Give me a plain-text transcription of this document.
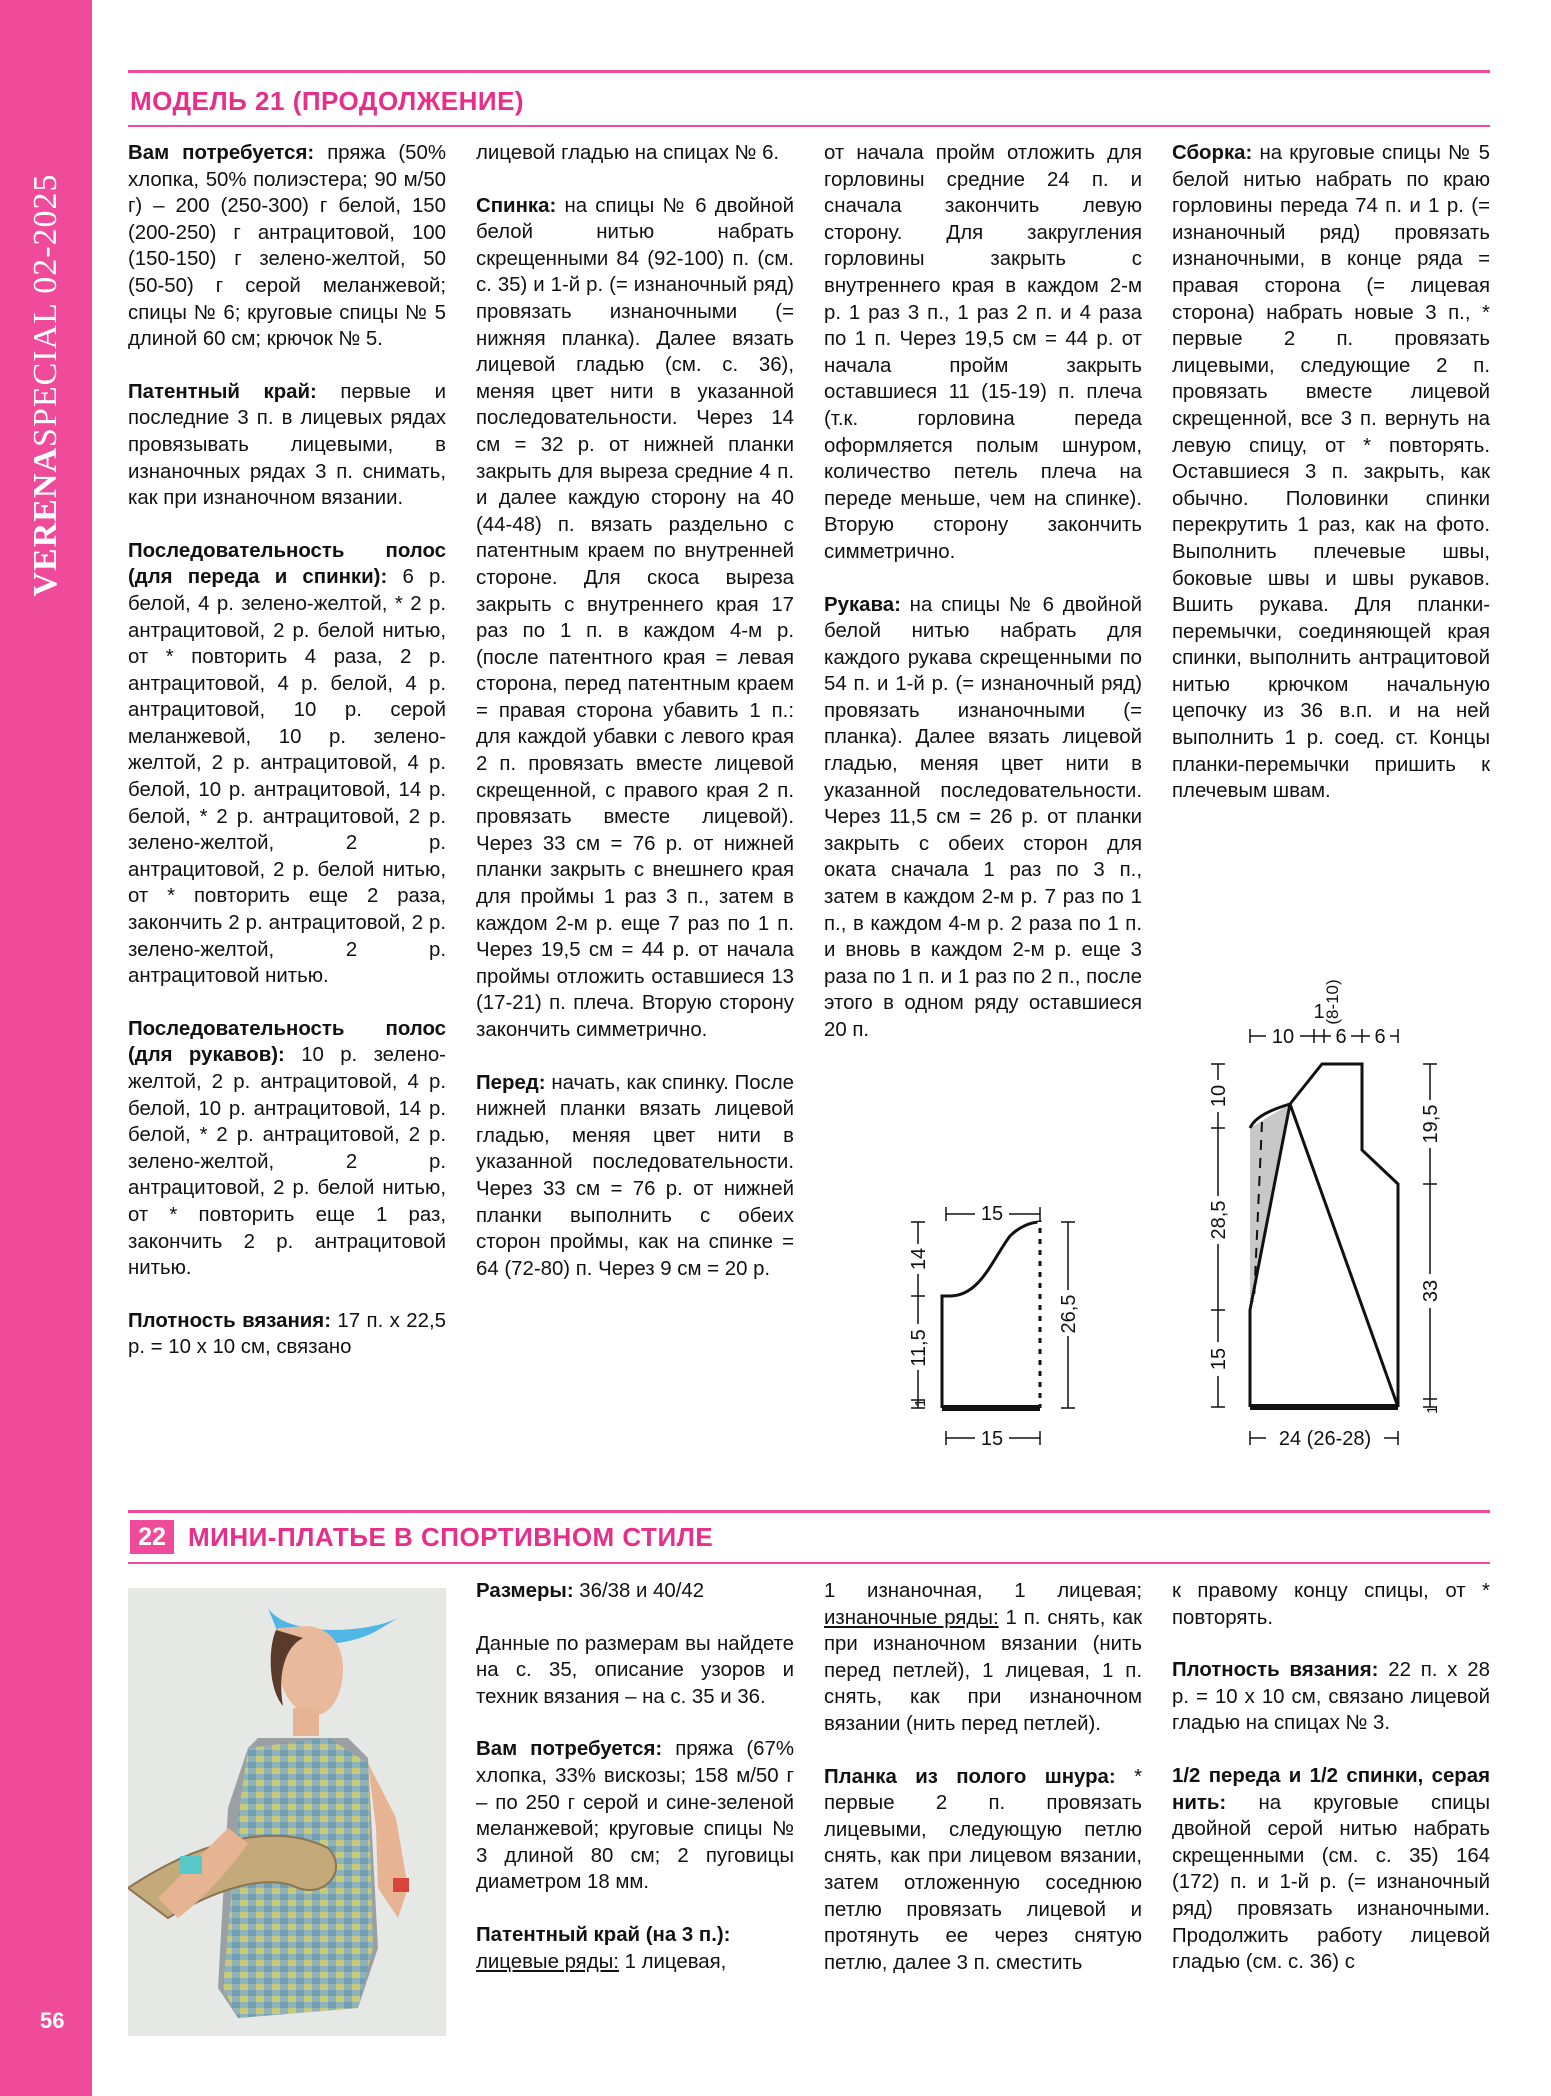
VERENASPECIAL 02-2025
56
МОДЕЛЬ 21 (ПРОДОЛЖЕНИЕ)

Вам потребуется: пряжа (50% хлопка, 50% полиэстера; 90 м/50 г) – 200 (250-300) г белой, 150 (200-250) г антрацитовой, 100 (150-150) г зелено-желтой, 50 (50-50) г серой меланжевой; спицы № 6; круговые спицы № 5 длиной 60 см; крючок № 5.

Патентный край: первые и последние 3 п. в лицевых рядах провязывать лицевыми, в изнаночных рядах 3 п. снимать, как при изнаночном вязании.

Последовательность полос (для переда и спинки): 6 р. белой, 4 р. зелено-желтой, * 2 р. антрацитовой, 2 р. белой нитью, от * повторить 4 раза, 2 р. антрацитовой, 4 р. белой, 4 р. антрацитовой, 10 р. серой меланжевой, 10 р. зелено-желтой, 2 р. антрацитовой, 4 р. белой, 10 р. антрацитовой, 14 р. белой, * 2 р. антрацитовой, 2 р. зелено-желтой, 2 р. антрацитовой, 2 р. белой нитью, от * повторить еще 2 раза, закончить 2 р. антрацитовой, 2 р. зелено-желтой, 2 р. антрацитовой нитью.

Последовательность полос (для рукавов): 10 р. зелено-желтой, 2 р. антрацитовой, 4 р. белой, 10 р. антрацитовой, 14 р. белой, * 2 р. антрацитовой, 2 р. зелено-желтой, 2 р. антрацитовой, 2 р. белой нитью, от * повторить еще 1 раз, закончить 2 р. антрацитовой нитью.

Плотность вязания: 17 п. x 22,5 р. = 10 x 10 см, связано

лицевой гладью на спицах № 6.

Спинка: на спицы № 6 двойной белой нитью набрать скрещенными 84 (92-100) п. (см. с. 35) и 1-й р. (= изнаночный ряд) провязать изнаночными (= нижняя планка). Далее вязать лицевой гладью (см. с. 36), меняя цвет нити в указанной последовательности. Через 14 см = 32 р. от нижней планки закрыть для выреза средние 4 п. и далее каждую сторону на 40 (44-48) п. вязать раздельно с патентным краем по внутренней стороне. Для скоса выреза закрыть с внутреннего края 17 раз по 1 п. в каждом 4-м р. (после патентного края = левая сторона, перед патентным краем = правая сторона убавить 1 п.: для каждой убавки с левого края 2 п. провязать вместе лицевой скрещенной, с правого края 2 п. провязать вместе лицевой). Через 33 см = 76 р. от нижней планки закрыть с внешнего края для проймы 1 раз 3 п., затем в каждом 2-м р. еще 7 раз по 1 п. Через 19,5 см = 44 р. от начала проймы отложить оставшиеся 13 (17-21) п. плеча. Вторую сторону закончить симметрично.

Перед: начать, как спинку. После нижней планки вязать лицевой гладью, меняя цвет нити в указанной последовательности. Через 33 см = 76 р. от нижней планки выполнить с обеих сторон проймы, как на спинке = 64 (72-80) п. Через 9 см = 20 р.

от начала пройм отложить для горловины средние 24 п. и сначала закончить левую сторону. Для закругления горловины закрыть с внутреннего края в каждом 2-м р. 1 раз 3 п., 1 раз 2 п. и 4 раза по 1 п. Через 19,5 см = 44 р. от начала пройм закрыть оставшиеся 11 (15-19) п. плеча (т.к. горловина переда оформляется полым шнуром, количество петель плеча на переде меньше, чем на спинке). Вторую сторону закончить симметрично.

Рукава: на спицы № 6 двойной белой нитью набрать для каждого рукава скрещенными по 54 п. и 1-й р. (= изнаночный ряд) провязать изнаночными (= планка). Далее вязать лицевой гладью, меняя цвет нити в указанной последовательности. Через 11,5 см = 26 р. от планки закрыть с обеих сторон для оката сначала 1 раз по 3 п., затем в каждом 2-м р. 7 раз по 1 п., в каждом 4-м р. 2 раза по 1 п. и вновь в каждом 2-м р. еще 3 раза по 1 п. и 1 раз по 2 п., после этого в одном ряду оставшиеся 20 п.

Сборка: на круговые спицы № 5 белой нитью набрать по краю горловины переда 74 п. и 1 р. (= изнаночный ряд) провязать изнаночными, в конце ряда = правая сторона (= лицевая сторона) набрать новые 3 п., * первые 2 п. провязать лицевыми, следующие 2 п. провязать вместе лицевой скрещенной, все 3 п. вернуть на левую спицу, от * повторять. Оставшиеся 3 п. закрыть, как обычно. Половинки спинки перекрутить 1 раз, как на фото. Выполнить плечевые швы, боковые швы и швы рукавов. Вшить рукава. Для планки-перемычки, соединяющей края спинки, выполнить антрацитовой нитью крючком начальную цепочку из 36 в.п. и на ней выполнить 1 р. соед. ст. Концы планки-перемычки пришить к плечевым швам.

15
15
14
11,5
1
26,5
10
1
(8-10)
6 6
10
28,5
15
19,5
33
1
24 (26-28)
22 МИНИ-ПЛАТЬЕ В СПОРТИВНОМ СТИЛЕ

Размеры: 36/38 и 40/42

Данные по размерам вы найдете на с. 35, описание узоров и техник вязания – на с. 35 и 36.

Вам потребуется: пряжа (67% хлопка, 33% вискозы; 158 м/50 г – по 250 г серой и сине-зеленой меланжевой; круговые спицы № 3 длиной 80 см; 2 пуговицы диаметром 18 мм.

Патентный край (на 3 п.):
лицевые ряды: 1 лицевая,

1 изнаночная, 1 лицевая; изнаночные ряды: 1 п. снять, как при изнаночном вязании (нить перед петлей), 1 лицевая, 1 п. снять, как при изнаночном вязании (нить перед петлей).

Планка из полого шнура: * первые 2 п. провязать лицевыми, следующую петлю снять, как при лицевом вязании, затем отложенную соседнюю петлю провязать лицевой и протянуть ее через снятую петлю, далее 3 п. сместить

к правому концу спицы, от * повторять.

Плотность вязания: 22 п. x 28 р. = 10 x 10 см, связано лицевой гладью на спицах № 3.

1/2 переда и 1/2 спинки, серая нить: на круговые спицы двойной серой нитью набрать скрещенными (см. с. 35) 164 (172) п. и 1-й р. (= изнаночный ряд) провязать изнаночными. Продолжить работу лицевой гладью (см. с. 36) с
